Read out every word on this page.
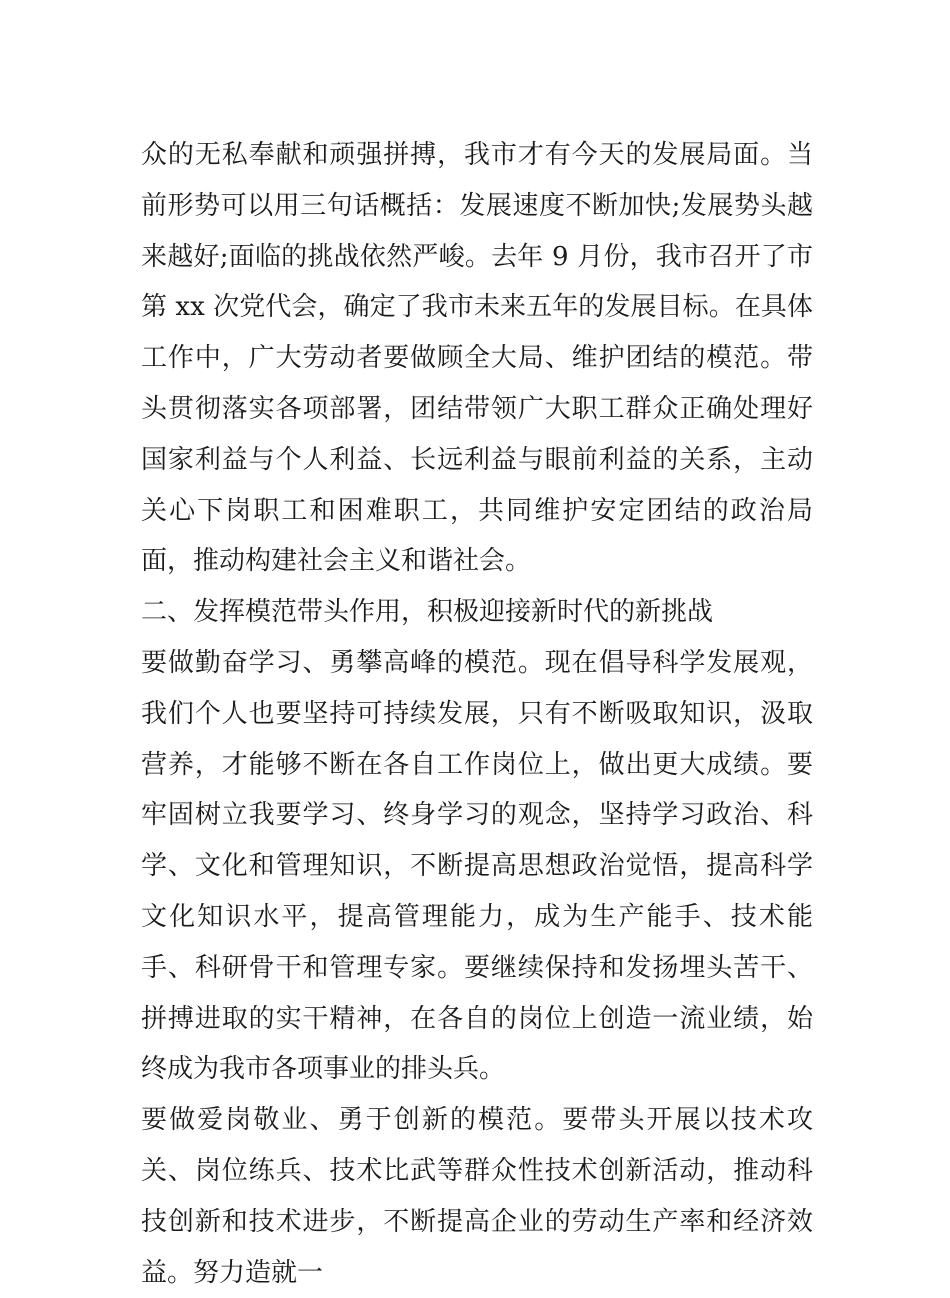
众的无私奉献和顽强拼搏，我市才有今天的发展局面。当前形势可以用三句话概括：发展速度不断加快;发展势头越来越好;面临的挑战依然严峻。去年 9 月份，我市召开了市第 xx 次党代会，确定了我市未来五年的发展目标。在具体工作中，广大劳动者要做顾全大局、维护团结的模范。带头贯彻落实各项部署，团结带领广大职工群众正确处理好国家利益与个人利益、长远利益与眼前利益的关系，主动关心下岗职工和困难职工，共同维护安定团结的政治局面，推动构建社会主义和谐社会。

二、发挥模范带头作用，积极迎接新时代的新挑战

要做勤奋学习、勇攀高峰的模范。现在倡导科学发展观，我们个人也要坚持可持续发展，只有不断吸取知识，汲取营养，才能够不断在各自工作岗位上，做出更大成绩。要牢固树立我要学习、终身学习的观念，坚持学习政治、科学、文化和管理知识，不断提高思想政治觉悟，提高科学文化知识水平，提高管理能力，成为生产能手、技术能手、科研骨干和管理专家。要继续保持和发扬埋头苦干、拼搏进取的实干精神，在各自的岗位上创造一流业绩，始终成为我市各项事业的排头兵。

要做爱岗敬业、勇于创新的模范。要带头开展以技术攻关、岗位练兵、技术比武等群众性技术创新活动，推动科技创新和技术进步，不断提高企业的劳动生产率和经济效益。努力造就一
